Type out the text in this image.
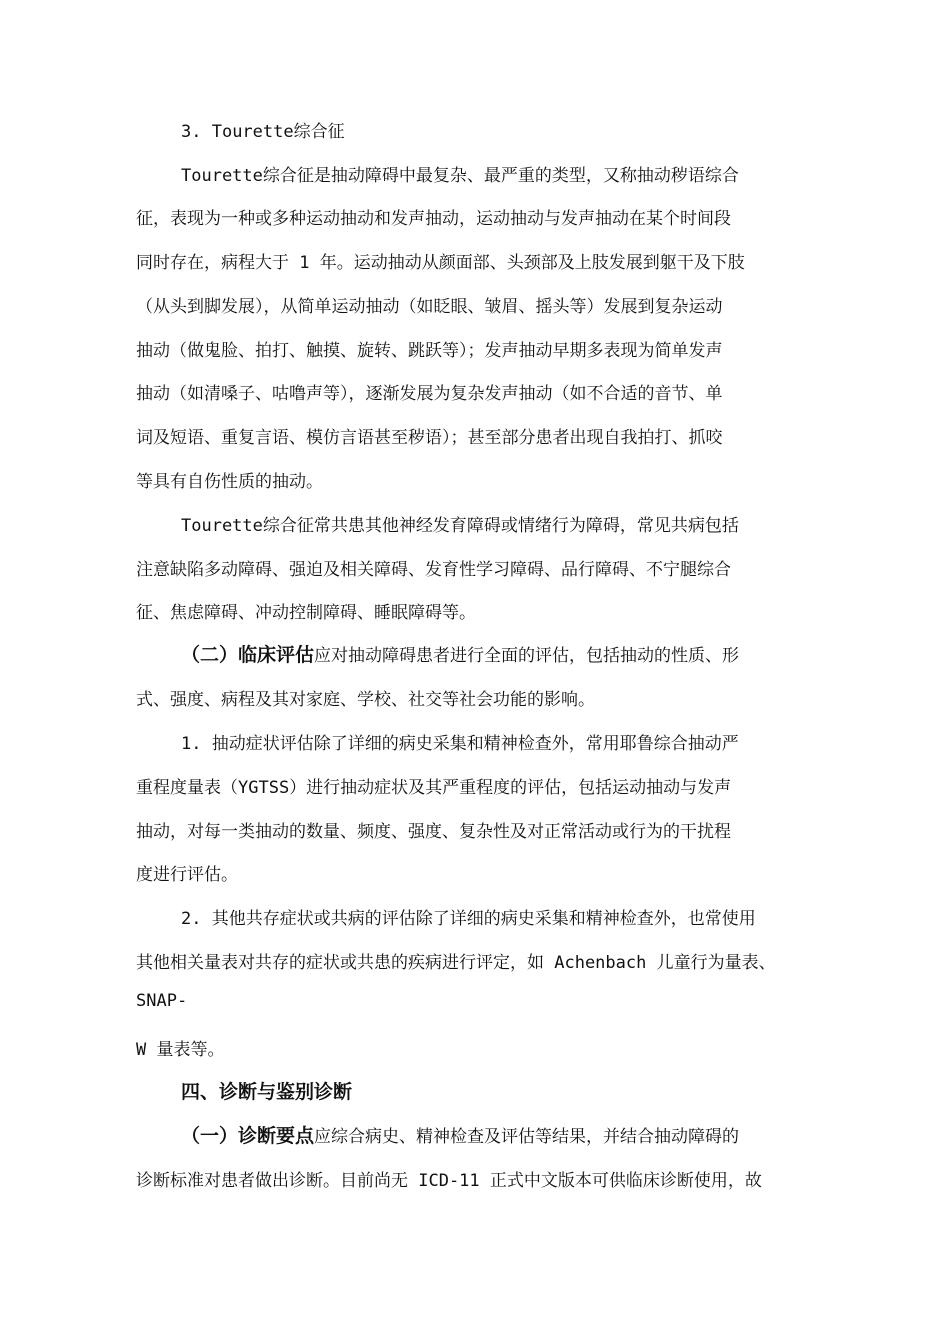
3. Tourette综合征
Tourette综合征是抽动障碍中最复杂、最严重的类型，又称抽动秽语综合
征，表现为一种或多种运动抽动和发声抽动，运动抽动与发声抽动在某个时间段
同时存在，病程大于 1 年。运动抽动从颜面部、头颈部及上肢发展到躯干及下肢
（从头到脚发展），从简单运动抽动（如眨眼、皱眉、摇头等）发展到复杂运动
抽动（做鬼脸、拍打、触摸、旋转、跳跃等）；发声抽动早期多表现为简单发声
抽动（如清嗓子、咕噜声等），逐渐发展为复杂发声抽动（如不合适的音节、单
词及短语、重复言语、模仿言语甚至秽语）；甚至部分患者出现自我拍打、抓咬
等具有自伤性质的抽动。
Tourette综合征常共患其他神经发育障碍或情绪行为障碍，常见共病包括
注意缺陷多动障碍、强迫及相关障碍、发育性学习障碍、品行障碍、不宁腿综合
征、焦虑障碍、冲动控制障碍、睡眠障碍等。
（二）临床评估应对抽动障碍患者进行全面的评估，包括抽动的性质、形
式、强度、病程及其对家庭、学校、社交等社会功能的影响。
1. 抽动症状评估除了详细的病史采集和精神检查外，常用耶鲁综合抽动严
重程度量表（YGTSS）进行抽动症状及其严重程度的评估，包括运动抽动与发声
抽动，对每一类抽动的数量、频度、强度、复杂性及对正常活动或行为的干扰程
度进行评估。
2. 其他共存症状或共病的评估除了详细的病史采集和精神检查外，也常使用
其他相关量表对共存的症状或共患的疾病进行评定，如 Achenbach 儿童行为量表、
SNAP-
W 量表等。
四、诊断与鉴别诊断
（一）诊断要点应综合病史、精神检查及评估等结果，并结合抽动障碍的
诊断标准对患者做出诊断。目前尚无 ICD-11 正式中文版本可供临床诊断使用，故
